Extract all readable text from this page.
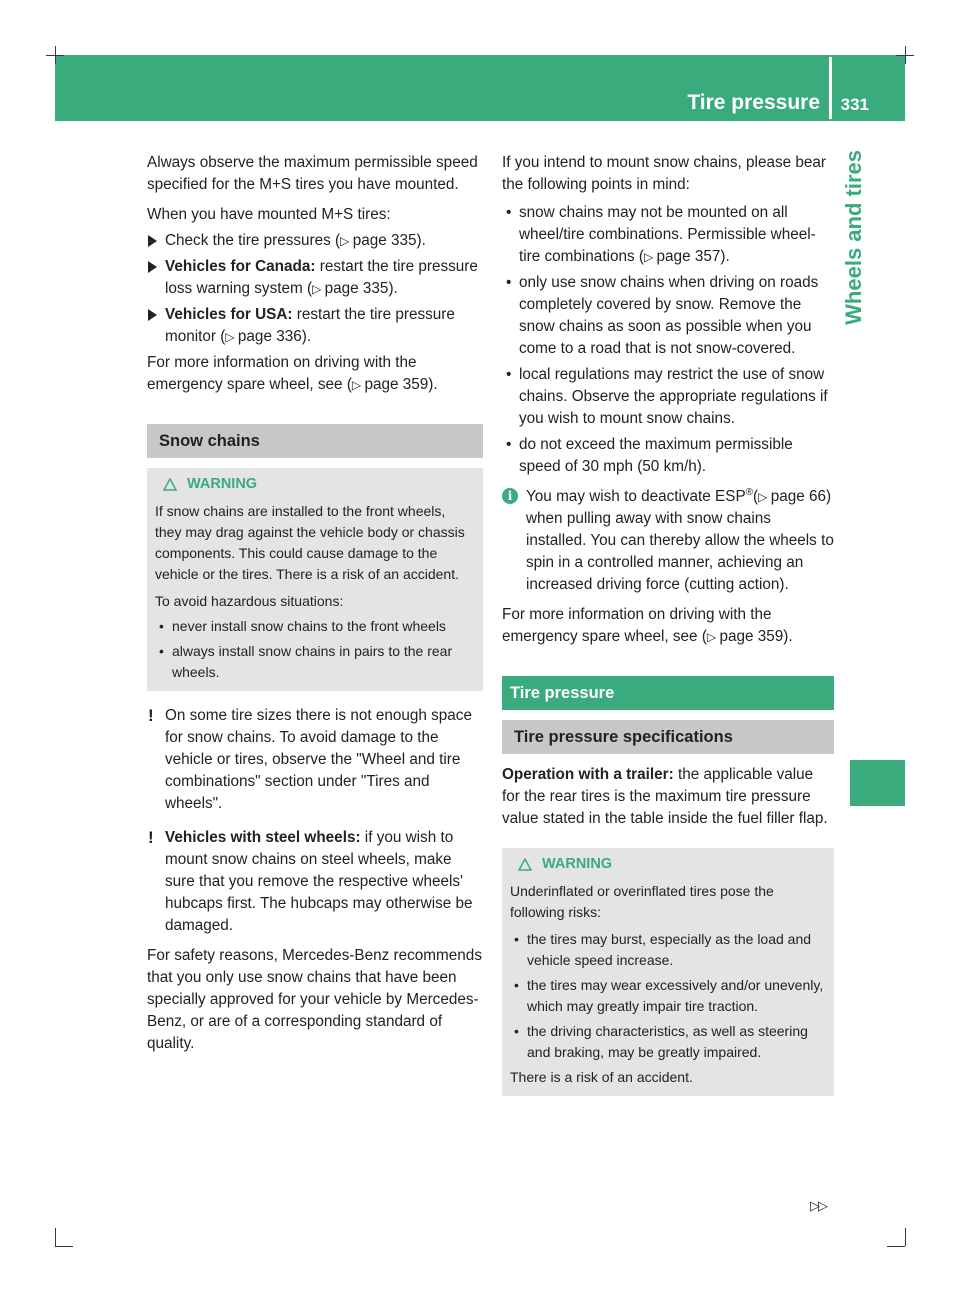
Tire pressure 331
Wheels and tires

Always observe the maximum permissible speed specified for the M+S tires you have mounted.

When you have mounted M+S tires:

Check the tire pressures (▷ page 335).
Vehicles for Canada: restart the tire pressure loss warning system (▷ page 335).
Vehicles for USA: restart the tire pressure monitor (▷ page 336).

For more information on driving with the emergency spare wheel, see (▷ page 359).

Snow chains
WARNING

If snow chains are installed to the front wheels, they may drag against the vehicle body or chassis components. This could cause damage to the vehicle or the tires. There is a risk of an accident.

To avoid hazardous situations:

• never install snow chains to the front wheels
• always install snow chains in pairs to the rear wheels.

! On some tire sizes there is not enough space for snow chains. To avoid damage to the vehicle or tires, observe the "Wheel and tire combinations" section under "Tires and wheels".

! Vehicles with steel wheels: if you wish to mount snow chains on steel wheels, make sure that you remove the respective wheels' hubcaps first. The hubcaps may otherwise be damaged.

For safety reasons, Mercedes-Benz recommends that you only use snow chains that have been specially approved for your vehicle by Mercedes-Benz, or are of a corresponding standard of quality.

If you intend to mount snow chains, please bear the following points in mind:

• snow chains may not be mounted on all wheel/tire combinations. Permissible wheel-tire combinations (▷ page 357).
• only use snow chains when driving on roads completely covered by snow. Remove the snow chains as soon as possible when you come to a road that is not snow-covered.
• local regulations may restrict the use of snow chains. Observe the appropriate regulations if you wish to mount snow chains.
• do not exceed the maximum permissible speed of 30 mph (50 km/h).

i You may wish to deactivate ESP®(▷ page 66) when pulling away with snow chains installed. You can thereby allow the wheels to spin in a controlled manner, achieving an increased driving force (cutting action).

For more information on driving with the emergency spare wheel, see (▷ page 359).

Tire pressure
Tire pressure specifications

Operation with a trailer: the applicable value for the rear tires is the maximum tire pressure value stated in the table inside the fuel filler flap.

WARNING

Underinflated or overinflated tires pose the following risks:

• the tires may burst, especially as the load and vehicle speed increase.
• the tires may wear excessively and/or unevenly, which may greatly impair tire traction.
• the driving characteristics, as well as steering and braking, may be greatly impaired.

There is a risk of an accident.

▷▷
